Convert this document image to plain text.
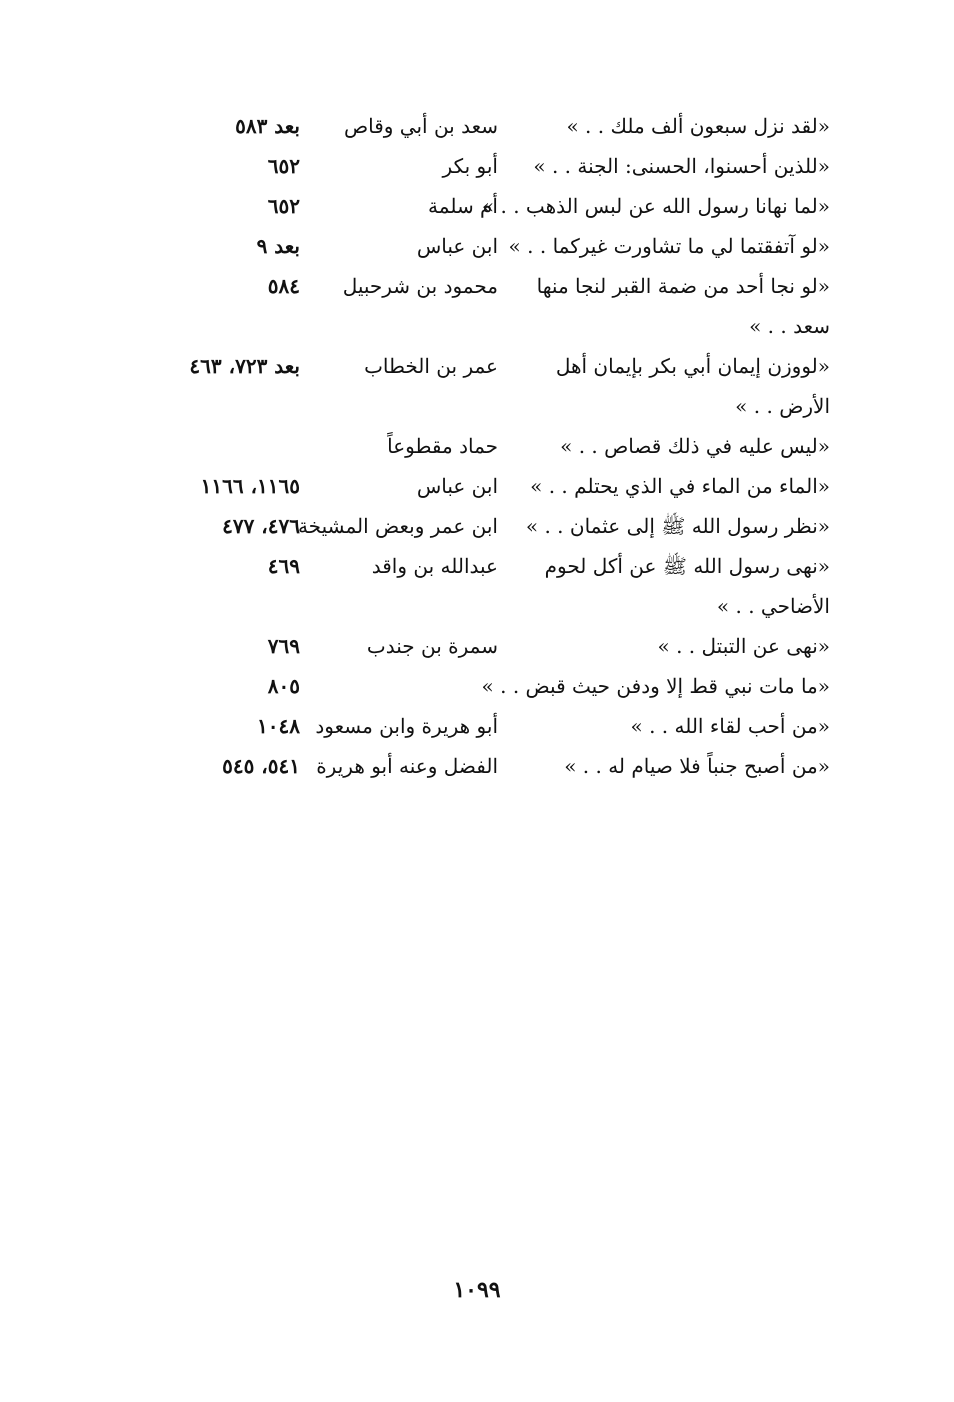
«لقد نزل سبعون ألف ملك . . »
سعد بن أبي وقاص
بعد ٥٨٣
«للذين أحسنوا، الحسنى: الجنة . . »
أبو بكر
٦٥٢
«لما نهانا رسول الله عن لبس الذهب . . »
أم سلمة
٦٥٢
«لو آتفقتما لي ما تشاورت غيركما . . »
ابن عباس
بعد ٩
«لو نجا أحد من ضمة القبر لنجا منها
محمود بن شرحبيل
٥٨٤
سعد . . »
«لووزن إيمان أبي بكر بإيمان أهل
عمر بن الخطاب
بعد ٧٢٣، ٤٦٣
الأرض . . »
«ليس عليه في ذلك قصاص . . »
حماد مقطوعاً
«الماء من الماء في الذي يحتلم . . »
ابن عباس
١١٦٥، ١١٦٦
«نظر رسول الله ﷺ إلى عثمان . . »
ابن عمر وبعض المشيخة
٤٧٦، ٤٧٧
«نهى رسول الله ﷺ عن أكل لحوم
عبدالله بن واقد
٤٦٩
الأضاحي . . »
«نهى عن التبتل . . »
سمرة بن جندب
٧٦٩
«ما مات نبي قط إلا ودفن حيث قبض . . »
٨٠٥
«من أحب لقاء الله . . »
أبو هريرة وابن مسعود
١٠٤٨
«من أصبح جنباً فلا صيام له . . »
الفضل وعنه أبو هريرة
٥٤١، ٥٤٥
١٠٩٩
